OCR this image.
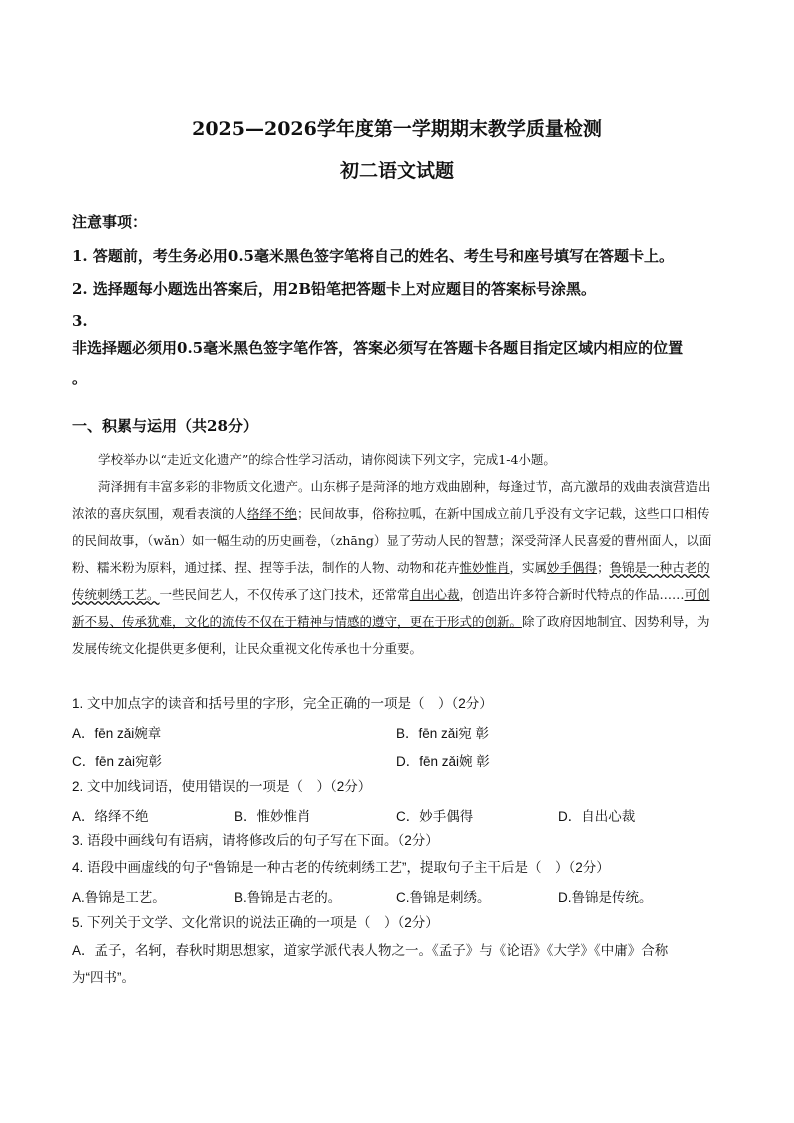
2025—2026学年度第一学期期末教学质量检测
初二语文试题
注意事项：
1. 答题前，考生务必用0.5毫米黑色签字笔将自己的姓名、考生号和座号填写在答题卡上。
2. 选择题每小题选出答案后，用2B铅笔把答题卡上对应题目的答案标号涂黑。
3.
非选择题必须用0.5毫米黑色签字笔作答，答案必须写在答题卡各题目指定区域内相应的位置
。
一、积累与运用（共28分）

学校举办以“走近文化遗产”的综合性学习活动，请你阅读下列文字，完成1-4小题。

菏泽拥有丰富多彩的非物质文化遗产。山东梆子是菏泽的地方戏曲剧种，每逢过节，高亢激昂的戏曲表演营造出浓浓的喜庆氛围，观看表演的人络绎不绝；民间故事，俗称拉呱，在新中国成立前几乎没有文字记载，这些口口相传的民间故事，（wǎn）如一幅生动的历史画卷，（zhāng）显了劳动人民的智慧；深受菏泽人民喜爱的曹州面人，以面粉、糯米粉为原料，通过揉、捏、捏等手法，制作的人物、动物和花卉惟妙惟肖，实属妙手偶得；鲁锦是一种古老的传统刺绣工艺。一些民间艺人，不仅传承了这门技术，还常常自出心裁，创造出许多符合新时代特点的作品……可创新不易、传承犹难，文化的流传不仅在于精神与情感的遵守，更在于形式的创新。除了政府因地制宜、因势利导，为发展传统文化提供更多便利，让民众重视文化传承也十分重要。

1. 文中加点字的读音和括号里的字形，完全正确的一项是（　）（2分）
A．fēn zǎi婉章	B．fēn zǎi宛 彰
C．fēn zài宛彰	D．fēn zǎi婉 彰
2. 文中加线词语，使用错误的一项是（　）（2分）
A．络绎不绝	B．惟妙惟肖	C．妙手偶得	D．自出心裁
3. 语段中画线句有语病，请将修改后的句子写在下面。（2分）
4. 语段中画虚线的句子“鲁锦是一种古老的传统刺绣工艺”，提取句子主干后是（　）（2分）
A.鲁锦是工艺。	B.鲁锦是古老的。	C.鲁锦是刺绣。	D.鲁锦是传统。
5. 下列关于文学、文化常识的说法正确的一项是（　）（2分）
A．孟子，名轲，春秋时期思想家，道家学派代表人物之一。《孟子》与《论语》《大学》《中庸》合称
为“四书”。
